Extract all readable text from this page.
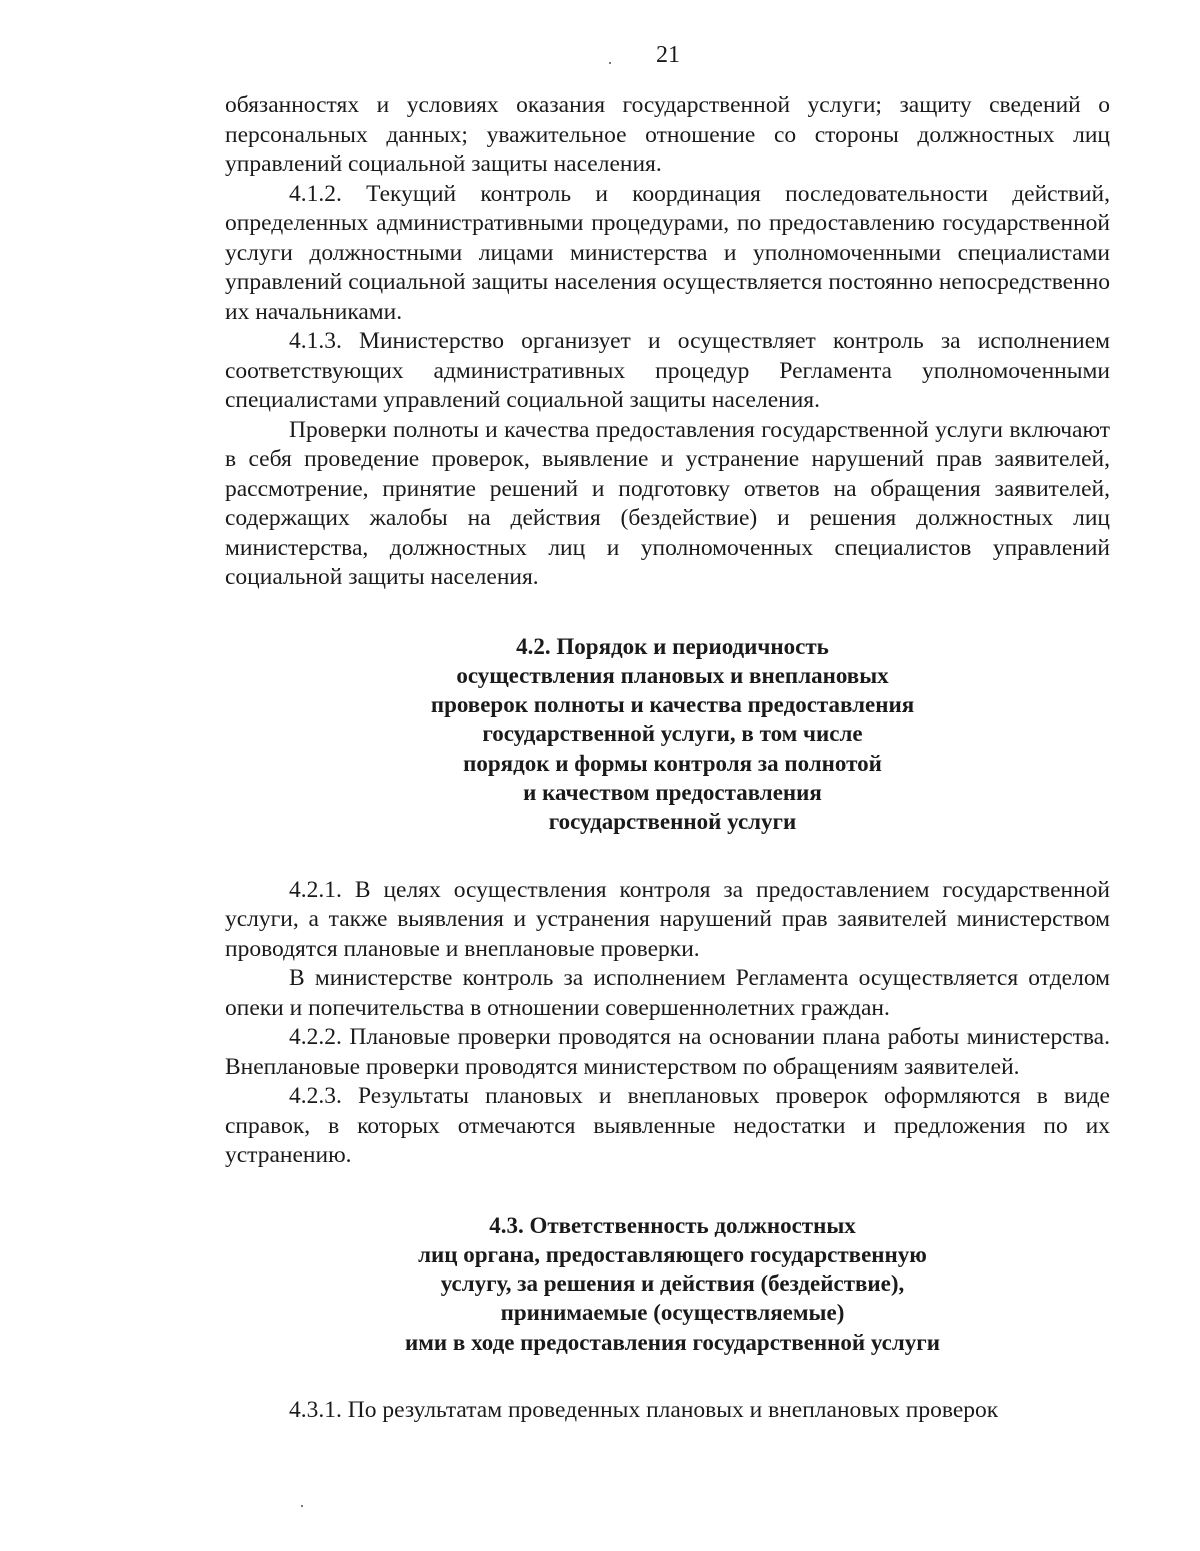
21

обязанностях и условиях оказания государственной услуги; защиту сведений о персональных данных; уважительное отношение со стороны должностных лиц управлений социальной защиты населения.

4.1.2. Текущий контроль и координация последовательности действий, определенных административными процедурами, по предоставлению государственной услуги должностными лицами министерства и уполномоченными специалистами управлений социальной защиты населения осуществляется постоянно непосредственно их начальниками.

4.1.3. Министерство организует и осуществляет контроль за исполнением соответствующих административных процедур Регламента уполномоченными специалистами управлений социальной защиты населения.

Проверки полноты и качества предоставления государственной услуги включают в себя проведение проверок, выявление и устранение нарушений прав заявителей, рассмотрение, принятие решений и подготовку ответов на обращения заявителей, содержащих жалобы на действия (бездействие) и решения должностных лиц министерства, должностных лиц и уполномоченных специалистов управлений социальной защиты населения.

4.2. Порядок и периодичность
осуществления плановых и внеплановых
проверок полноты и качества предоставления
государственной услуги, в том числе
порядок и формы контроля за полнотой
и качеством предоставления
государственной услуги

4.2.1. В целях осуществления контроля за предоставлением государственной услуги, а также выявления и устранения нарушений прав заявителей министерством проводятся плановые и внеплановые проверки.

В министерстве контроль за исполнением Регламента осуществляется отделом опеки и попечительства в отношении совершеннолетних граждан.

4.2.2. Плановые проверки проводятся на основании плана работы министерства. Внеплановые проверки проводятся министерством по обращениям заявителей.

4.2.3. Результаты плановых и внеплановых проверок оформляются в виде справок, в которых отмечаются выявленные недостатки и предложения по их устранению.

4.3. Ответственность должностных
лиц органа, предоставляющего государственную
услугу, за решения и действия (бездействие),
принимаемые (осуществляемые)
ими в ходе предоставления государственной услуги

4.3.1. По результатам проведенных плановых и внеплановых проверок
